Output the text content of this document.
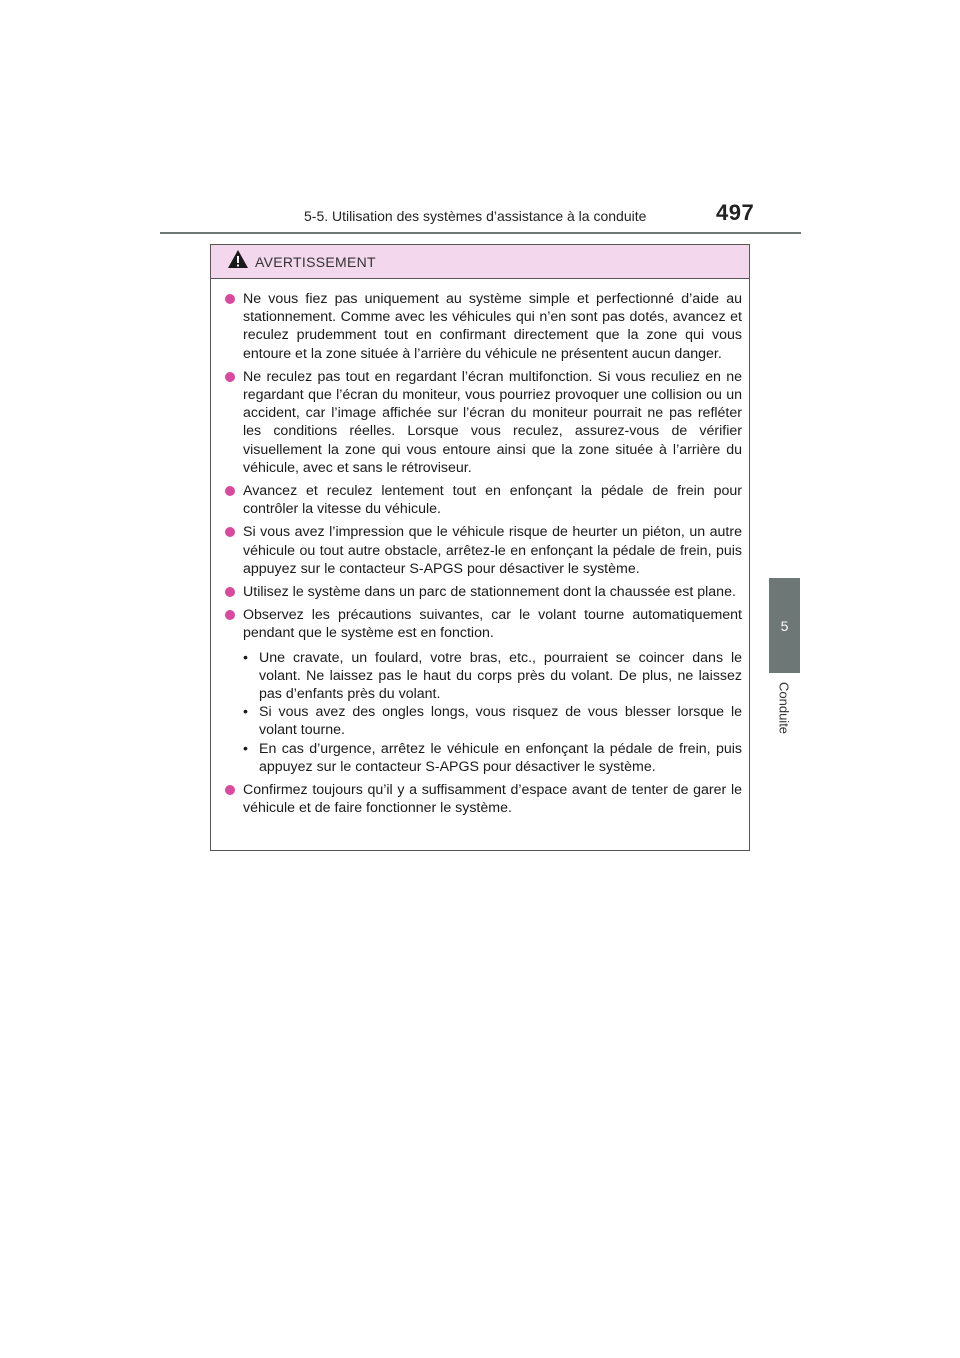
5-5. Utilisation des systèmes d’assistance à la conduite	497
5
Conduite
AVERTISSEMENT
Ne vous fiez pas uniquement au système simple et perfectionné d’aide au stationnement. Comme avec les véhicules qui n’en sont pas dotés, avancez et reculez prudemment tout en confirmant directement que la zone qui vous entoure et la zone située à l’arrière du véhicule ne présentent aucun danger.
Ne reculez pas tout en regardant l’écran multifonction. Si vous reculiez en ne regardant que l’écran du moniteur, vous pourriez provoquer une collision ou un accident, car l’image affichée sur l’écran du moniteur pourrait ne pas refléter les conditions réelles. Lorsque vous reculez, assurez-vous de vérifier visuellement la zone qui vous entoure ainsi que la zone située à l’arrière du véhicule, avec et sans le rétroviseur.
Avancez et reculez lentement tout en enfonçant la pédale de frein pour contrôler la vitesse du véhicule.
Si vous avez l’impression que le véhicule risque de heurter un piéton, un autre véhicule ou tout autre obstacle, arrêtez-le en enfonçant la pédale de frein, puis appuyez sur le contacteur S-APGS pour désactiver le système.
Utilisez le système dans un parc de stationnement dont la chaussée est plane.
Observez les précautions suivantes, car le volant tourne automatiquement pendant que le système est en fonction.
• Une cravate, un foulard, votre bras, etc., pourraient se coincer dans le volant. Ne laissez pas le haut du corps près du volant. De plus, ne laissez pas d’enfants près du volant.
• Si vous avez des ongles longs, vous risquez de vous blesser lorsque le volant tourne.
• En cas d’urgence, arrêtez le véhicule en enfonçant la pédale de frein, puis appuyez sur le contacteur S-APGS pour désactiver le système.
Confirmez toujours qu’il y a suffisamment d’espace avant de tenter de garer le véhicule et de faire fonctionner le système.
